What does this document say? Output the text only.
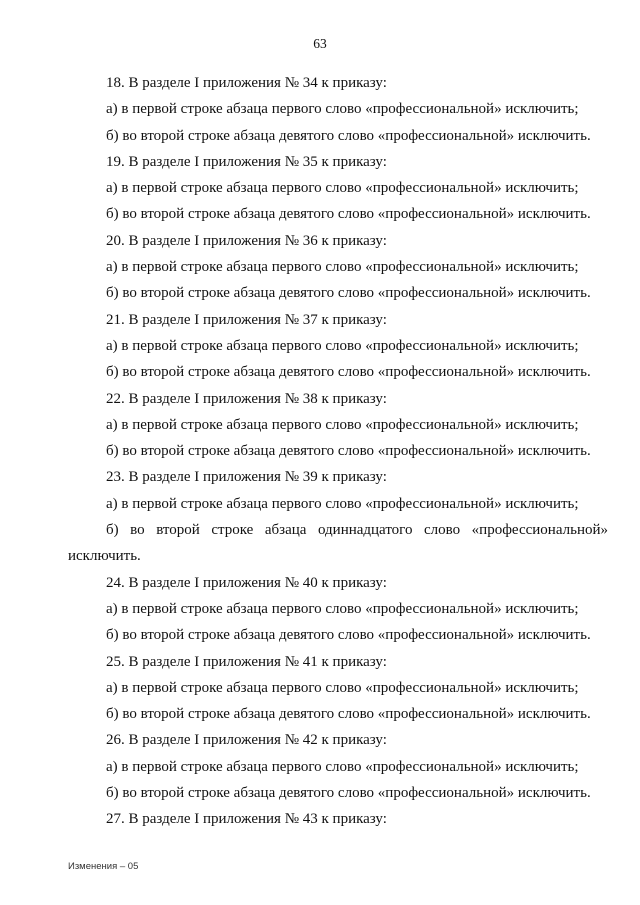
63

18. В разделе I приложения № 34 к приказу:

а) в первой строке абзаца первого слово «профессиональной» исключить;

б) во второй строке абзаца девятого слово «профессиональной» исключить.

19. В разделе I приложения № 35 к приказу:

а) в первой строке абзаца первого слово «профессиональной» исключить;

б) во второй строке абзаца девятого слово «профессиональной» исключить.

20. В разделе I приложения № 36 к приказу:

а) в первой строке абзаца первого слово «профессиональной» исключить;

б) во второй строке абзаца девятого слово «профессиональной» исключить.

21. В разделе I приложения № 37 к приказу:

а) в первой строке абзаца первого слово «профессиональной» исключить;

б) во второй строке абзаца девятого слово «профессиональной» исключить.

22. В разделе I приложения № 38 к приказу:

а) в первой строке абзаца первого слово «профессиональной» исключить;

б) во второй строке абзаца девятого слово «профессиональной» исключить.

23. В разделе I приложения № 39 к приказу:

а) в первой строке абзаца первого слово «профессиональной» исключить;

б) во второй строке абзаца одиннадцатого слово «профессиональной»
исключить.

24. В разделе I приложения № 40 к приказу:

а) в первой строке абзаца первого слово «профессиональной» исключить;

б) во второй строке абзаца девятого слово «профессиональной» исключить.

25. В разделе I приложения № 41 к приказу:

а) в первой строке абзаца первого слово «профессиональной» исключить;

б) во второй строке абзаца девятого слово «профессиональной» исключить.

26. В разделе I приложения № 42 к приказу:

а) в первой строке абзаца первого слово «профессиональной» исключить;

б) во второй строке абзаца девятого слово «профессиональной» исключить.

27. В разделе I приложения № 43 к приказу:

Изменения – 05
